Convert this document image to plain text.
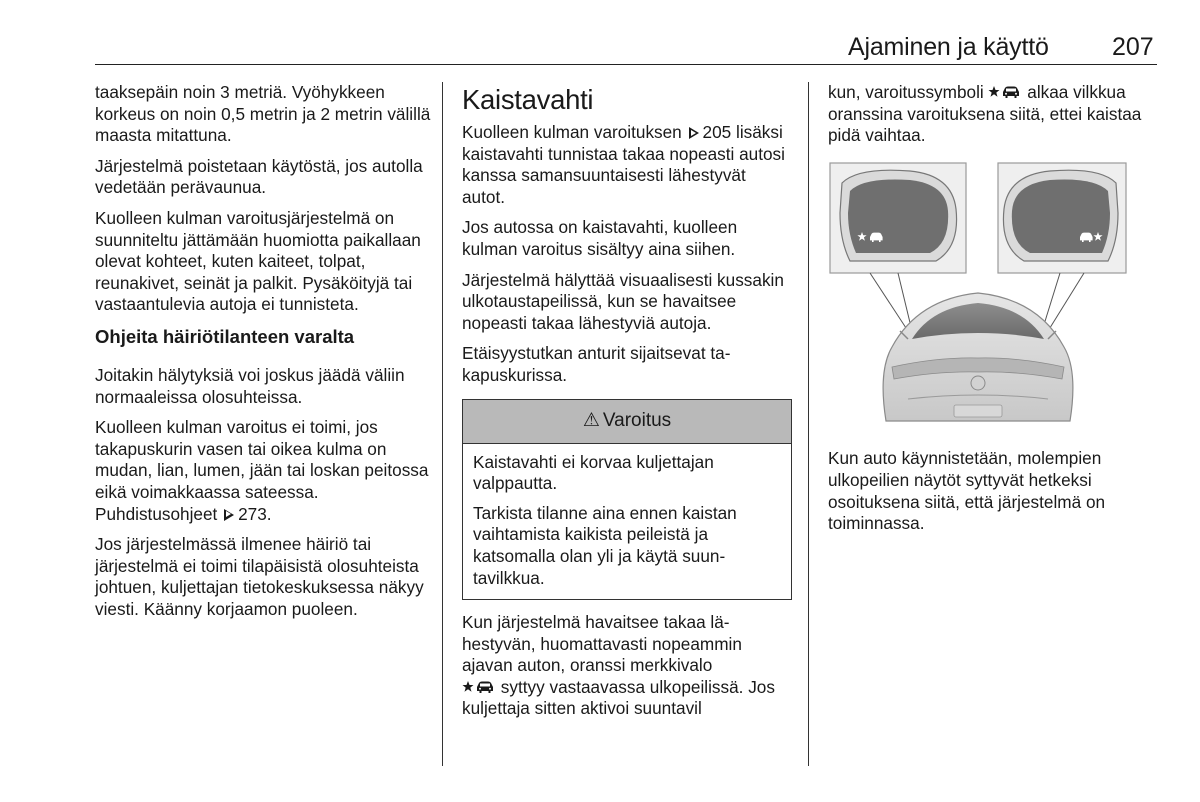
Ajaminen ja käyttö	207

taaksepäin noin 3 metriä. Vyöhykkeen korkeus on noin 0,5 metrin ja 2 metrin välillä maasta mitattuna.

Järjestelmä poistetaan käytöstä, jos autolla vedetään perävaunua.

Kuolleen kulman varoitusjärjestelmä on suunniteltu jättämään huomiotta paikallaan olevat kohteet, kuten kaiteet, tolpat, reunakivet, seinät ja palkit. Pysäköityjä tai vastaantulevia autoja ei tunnisteta.

Ohjeita häiriötilanteen varalta

Joitakin hälytyksiä voi joskus jäädä väliin normaaleissa olosuhteissa.

Kuolleen kulman varoitus ei toimi, jos takapuskurin vasen tai oikea kulma on mudan, lian, lumen, jään tai loskan peitossa eikä voimakkaassa sateessa. Puhdistusohjeet 273.

Jos järjestelmässä ilmenee häiriö tai järjestelmä ei toimi tilapäisistä olosuhteista johtuen, kuljettajan tietokeskuksessa näkyy viesti. Käänny korjaamon puoleen.

Kaistavahti

Kuolleen kulman varoituksen 205 lisäksi kaistavahti tunnistaa takaa nopeasti autosi kanssa samansuuntaisesti lähestyvät autot.

Jos autossa on kaistavahti, kuolleen kulman varoitus sisältyy aina siihen.

Järjestelmä hälyttää visuaalisesti kussakin ulkotaustapeilissä, kun se havaitsee nopeasti takaa lähestyviä autoja.

Etäisyystutkan anturit sijaitsevat takapuskurissa.

⚠ Varoitus

Kaistavahti ei korvaa kuljettajan valppautta.

Tarkista tilanne aina ennen kaistan vaihtamista kaikista peileistä ja katsomalla olan yli ja käytä suuntavilkkua.

Kun järjestelmä havaitsee takaa lähestyvän, huomattavasti nopeammin ajavan auton, oranssi merkkivalo
syttyy vastaavassa ulkopeilissä. Jos kuljettaja sitten aktivoi suuntavil

kun, varoitussymboli	alkaa vilkkua oranssina varoituksena siitä, ettei kaistaa pidä vaihtaa.

Kun auto käynnistetään, molempien ulkopeilien näytöt syttyvät hetkeksi osoituksena siitä, että järjestelmä on toiminnassa.
